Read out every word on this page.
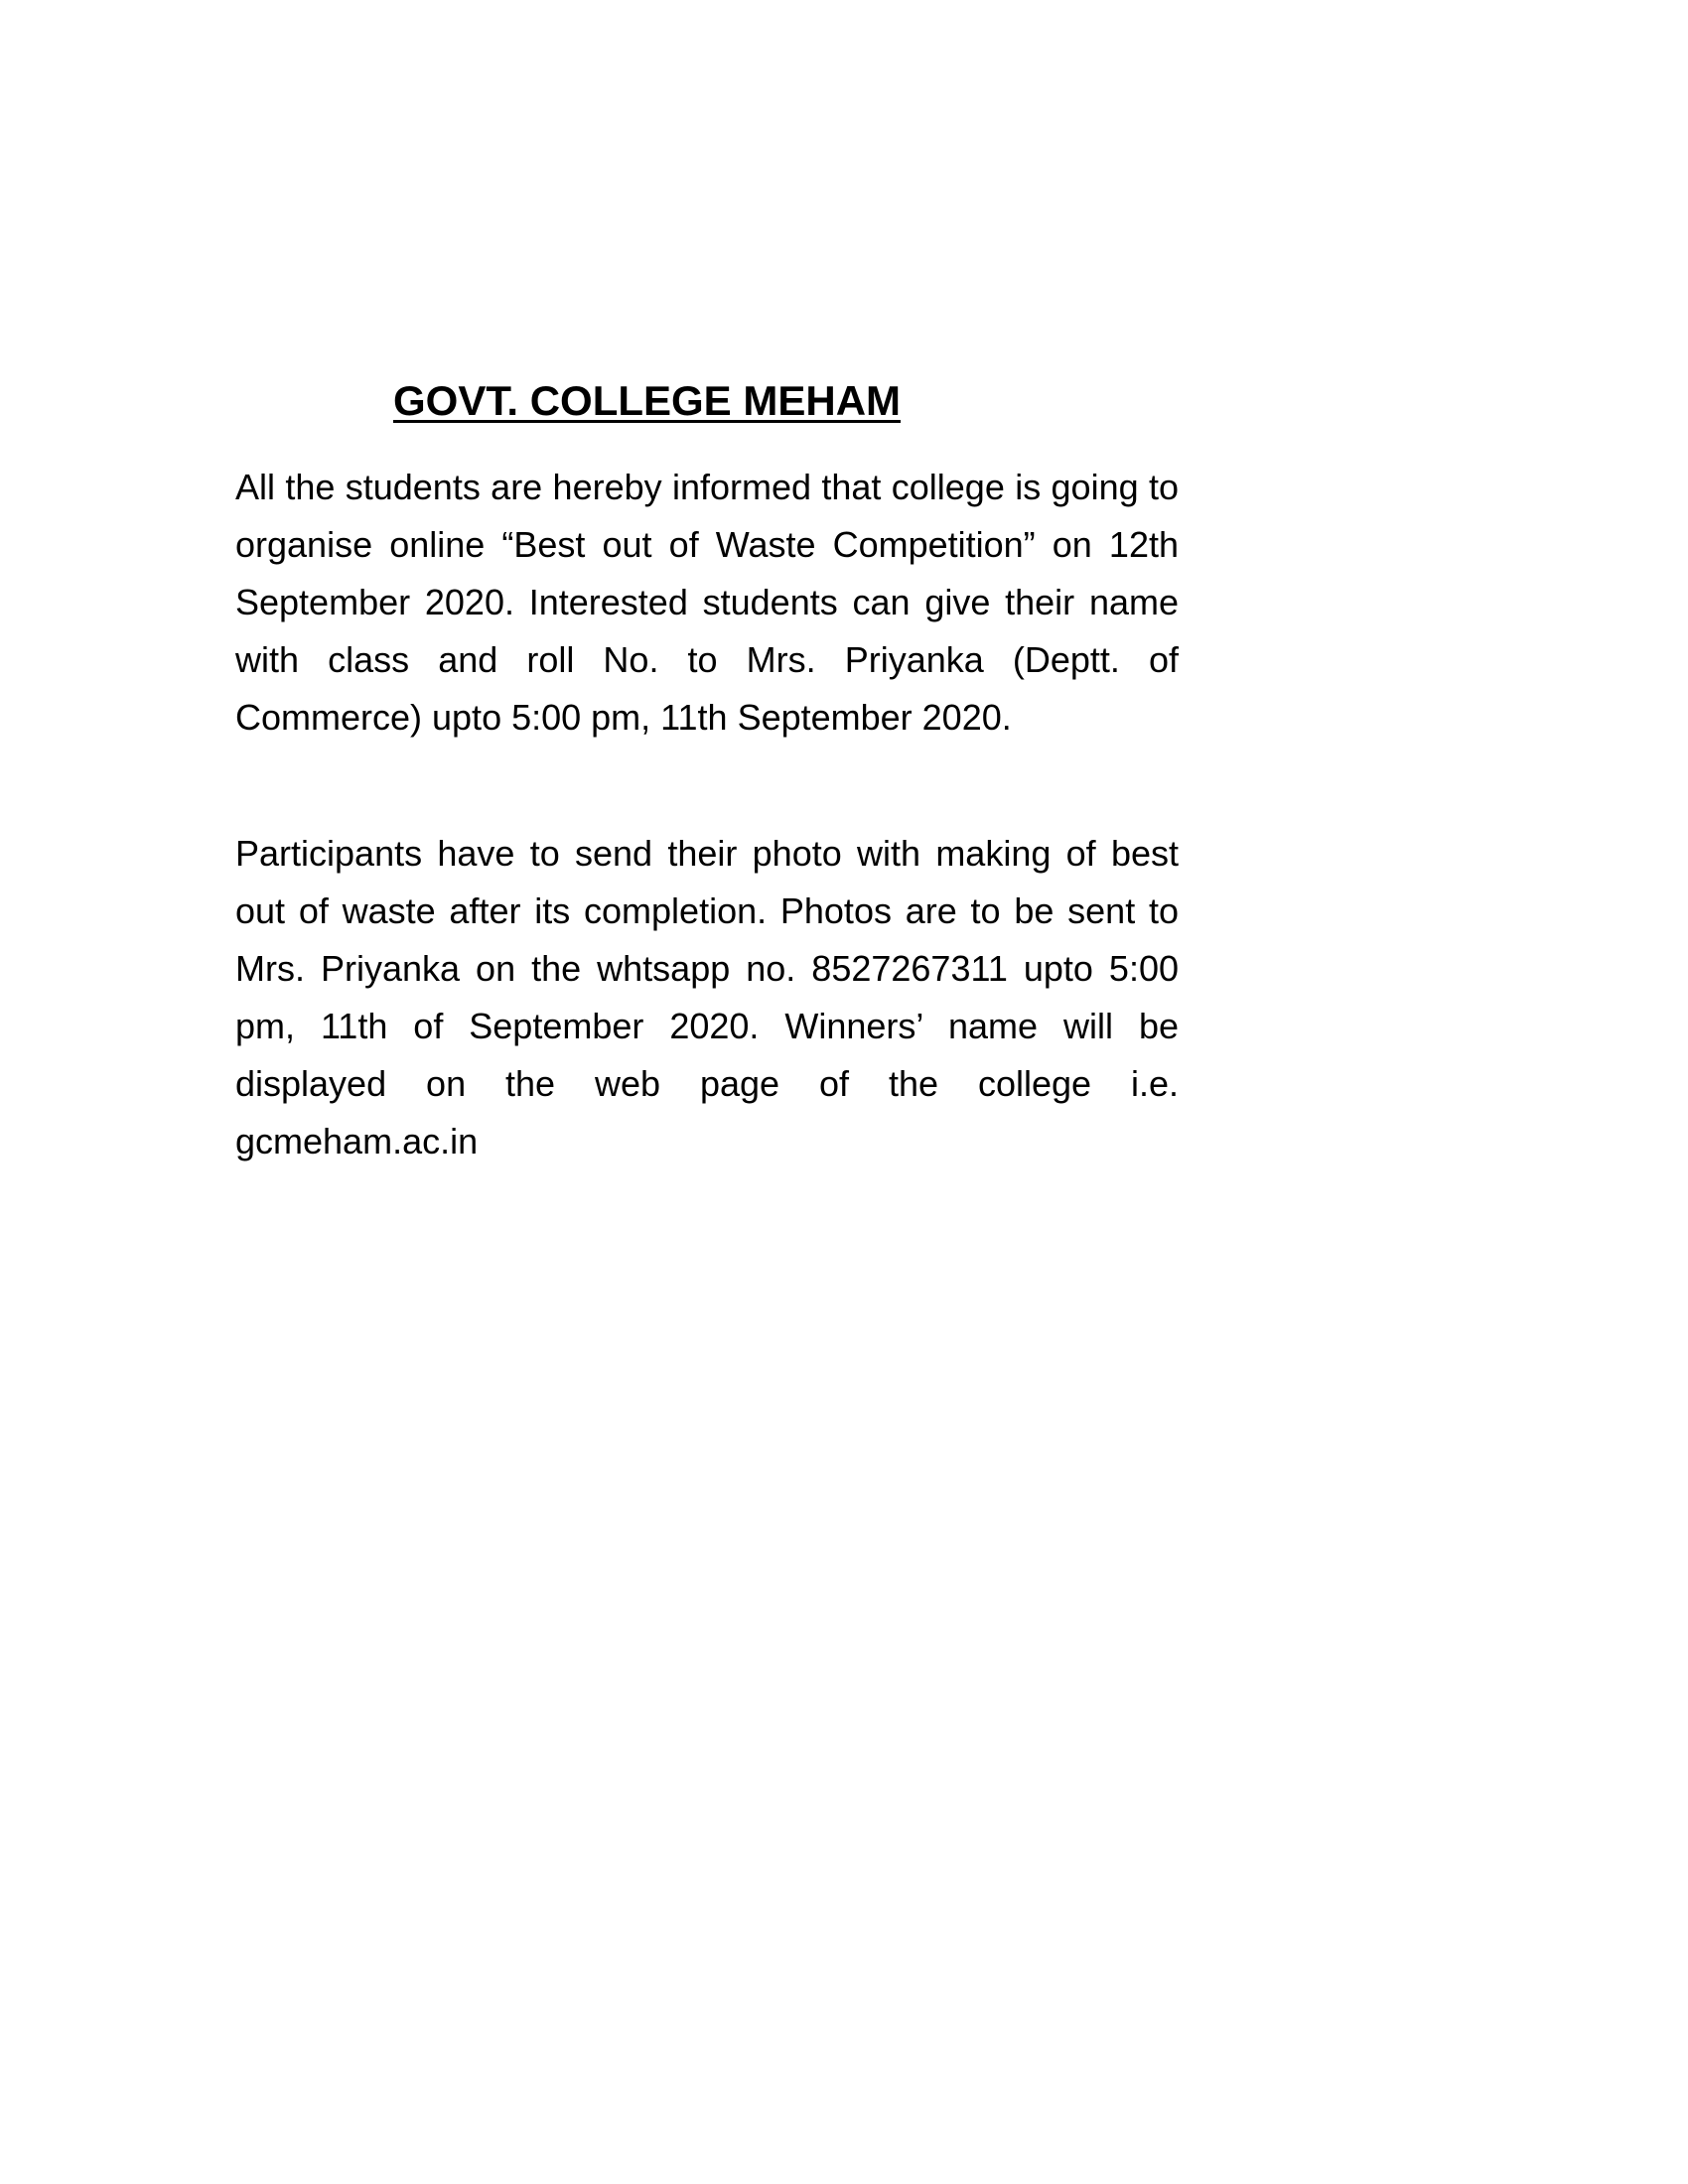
GOVT. COLLEGE MEHAM

All the students are hereby informed that college is going to organise online “Best out of Waste Competition” on 12th September 2020. Interested students can give their name with class and roll No. to Mrs. Priyanka (Deptt. of Commerce) upto 5:00 pm, 11th September 2020.

Participants have to send their photo with making of best out of waste after its completion. Photos are to be sent to Mrs. Priyanka on the whtsapp no. 8527267311 upto 5:00 pm, 11th of September 2020. Winners’ name will be displayed on the web page of the college i.e. gcmeham.ac.in
